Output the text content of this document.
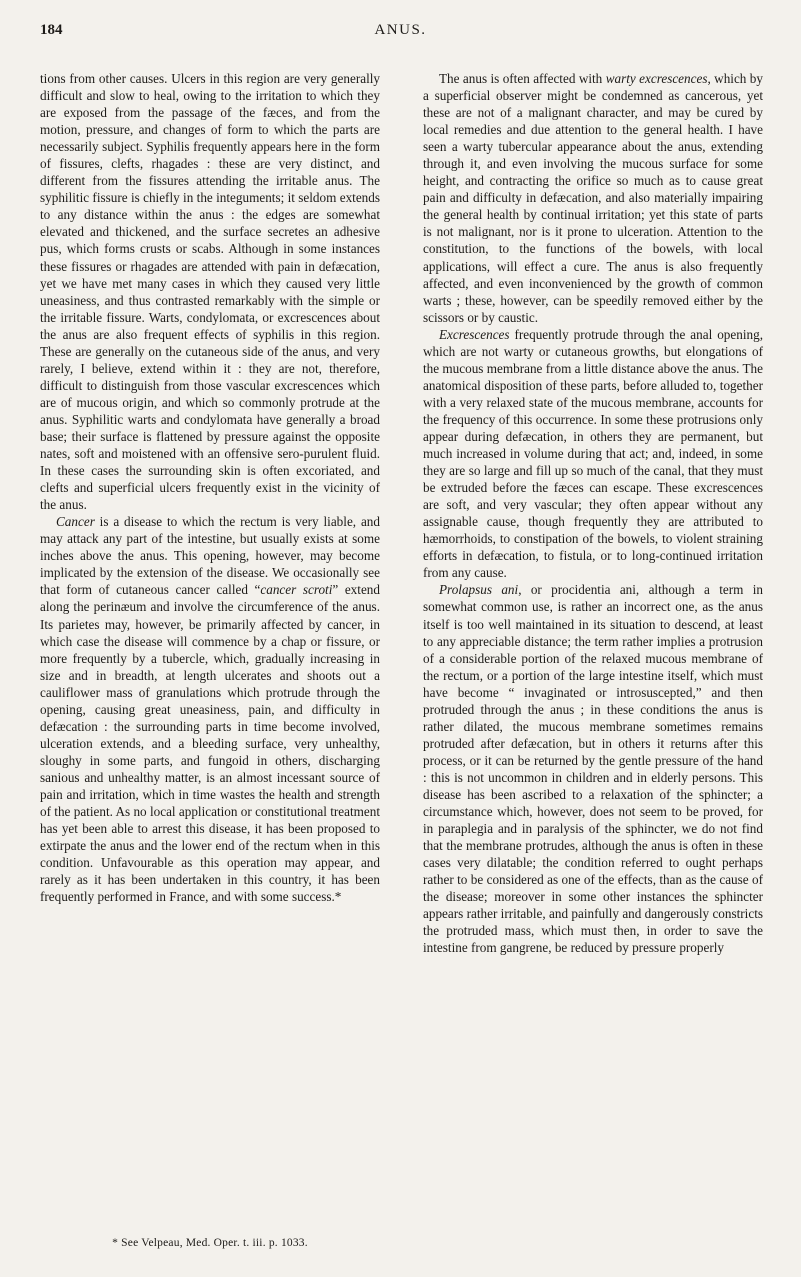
184	ANUS.

tions from other causes. Ulcers in this region are very generally difficult and slow to heal, owing to the irritation to which they are exposed from the passage of the fæces, and from the motion, pressure, and changes of form to which the parts are necessarily subject. Syphilis frequently appears here in the form of fissures, clefts, rhagades : these are very distinct, and different from the fissures attending the irritable anus. The syphilitic fissure is chiefly in the integuments; it seldom extends to any distance within the anus : the edges are somewhat elevated and thickened, and the surface secretes an adhesive pus, which forms crusts or scabs. Although in some instances these fissures or rhagades are attended with pain in defæcation, yet we have met many cases in which they caused very little uneasiness, and thus contrasted remarkably with the simple or the irritable fissure. Warts, condylomata, or excrescences about the anus are also frequent effects of syphilis in this region. These are generally on the cutaneous side of the anus, and very rarely, I believe, extend within it : they are not, therefore, difficult to distinguish from those vascular excrescences which are of mucous origin, and which so commonly protrude at the anus. Syphilitic warts and condylomata have generally a broad base; their surface is flattened by pressure against the opposite nates, soft and moistened with an offensive sero-purulent fluid. In these cases the surrounding skin is often excoriated, and clefts and superficial ulcers frequently exist in the vicinity of the anus.

Cancer is a disease to which the rectum is very liable, and may attack any part of the intestine, but usually exists at some inches above the anus. This opening, however, may become implicated by the extension of the disease. We occasionally see that form of cutaneous cancer called “cancer scroti” extend along the perinæum and involve the circumference of the anus. Its parietes may, however, be primarily affected by cancer, in which case the disease will commence by a chap or fissure, or more frequently by a tubercle, which, gradually increasing in size and in breadth, at length ulcerates and shoots out a cauliflower mass of granulations which protrude through the opening, causing great uneasiness, pain, and difficulty in defæcation : the surrounding parts in time become involved, ulceration extends, and a bleeding surface, very unhealthy, sloughy in some parts, and fungoid in others, discharging sanious and unhealthy matter, is an almost incessant source of pain and irritation, which in time wastes the health and strength of the patient. As no local application or constitutional treatment has yet been able to arrest this disease, it has been proposed to extirpate the anus and the lower end of the rectum when in this condition. Unfavourable as this operation may appear, and rarely as it has been undertaken in this country, it has been frequently performed in France, and with some success.*

The anus is often affected with warty excrescences, which by a superficial observer might be condemned as cancerous, yet these are not of a malignant character, and may be cured by local remedies and due attention to the general health. I have seen a warty tubercular appearance about the anus, extending through it, and even involving the mucous surface for some height, and contracting the orifice so much as to cause great pain and difficulty in defæcation, and also materially impairing the general health by continual irritation; yet this state of parts is not malignant, nor is it prone to ulceration. Attention to the constitution, to the functions of the bowels, with local applications, will effect a cure. The anus is also frequently affected, and even inconvenienced by the growth of common warts ; these, however, can be speedily removed either by the scissors or by caustic.

Excrescences frequently protrude through the anal opening, which are not warty or cutaneous growths, but elongations of the mucous membrane from a little distance above the anus. The anatomical disposition of these parts, before alluded to, together with a very relaxed state of the mucous membrane, accounts for the frequency of this occurrence. In some these protrusions only appear during defæcation, in others they are permanent, but much increased in volume during that act; and, indeed, in some they are so large and fill up so much of the canal, that they must be extruded before the fæces can escape. These excrescences are soft, and very vascular; they often appear without any assignable cause, though frequently they are attributed to hæmorrhoids, to constipation of the bowels, to violent straining efforts in defæcation, to fistula, or to long-continued irritation from any cause.

Prolapsus ani, or procidentia ani, although a term in somewhat common use, is rather an incorrect one, as the anus itself is too well maintained in its situation to descend, at least to any appreciable distance; the term rather implies a protrusion of a considerable portion of the relaxed mucous membrane of the rectum, or a portion of the large intestine itself, which must have become “ invaginated or introsuscepted,” and then protruded through the anus ; in these conditions the anus is rather dilated, the mucous membrane sometimes remains protruded after defæcation, but in others it returns after this process, or it can be returned by the gentle pressure of the hand : this is not uncommon in children and in elderly persons. This disease has been ascribed to a relaxation of the sphincter; a circumstance which, however, does not seem to be proved, for in paraplegia and in paralysis of the sphincter, we do not find that the membrane protrudes, although the anus is often in these cases very dilatable; the condition referred to ought perhaps rather to be considered as one of the effects, than as the cause of the disease; moreover in some other instances the sphincter appears rather irritable, and painfully and dangerously constricts the protruded mass, which must then, in order to save the intestine from gangrene, be reduced by pressure properly

* See Velpeau, Med. Oper. t. iii. p. 1033.
